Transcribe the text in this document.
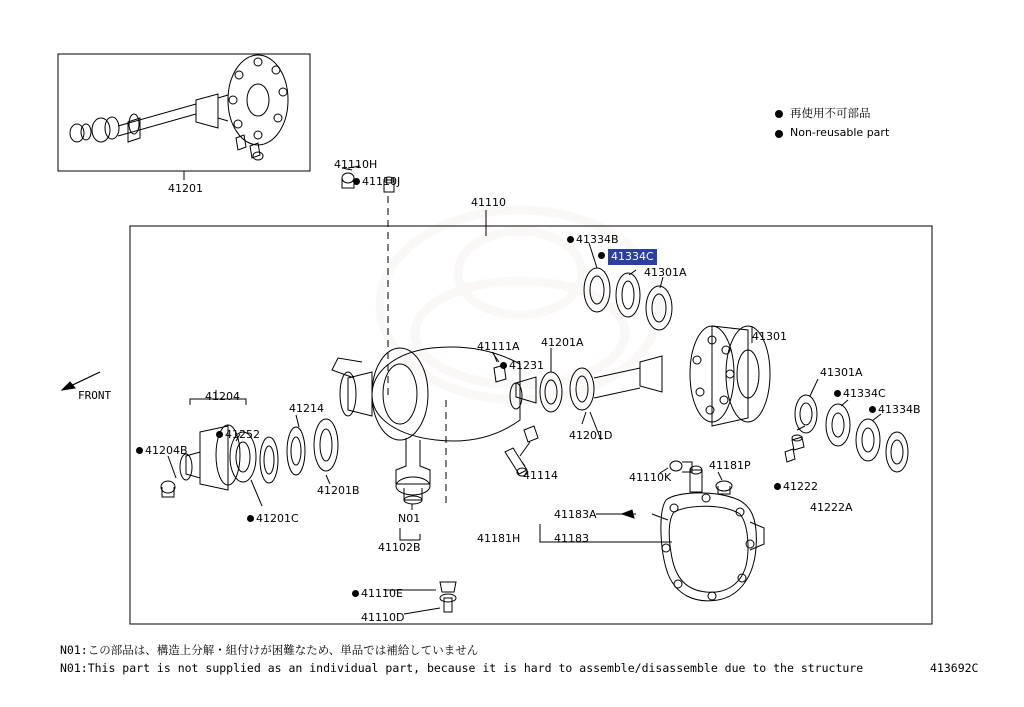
再使用不可部品
Non-reusable part
FRONT
41334C
41201
41110H
41110J
41110
41334B
41301A
41301
41301A
41334C
41334B
41111A 41201A
41231
41201D
41204
41214
41252
41204B
41201B
41201C
41114
N01
41102B
41110K
41181P
41222
41222A
41183A
41181H	41183
41110E
41110D
N01:この部品は、構造上分解・組付けが困難なため、単品では補給していません
N01:This part is not supplied as an individual part, because it is hard to assemble/disassemble due to the structure	413692C
